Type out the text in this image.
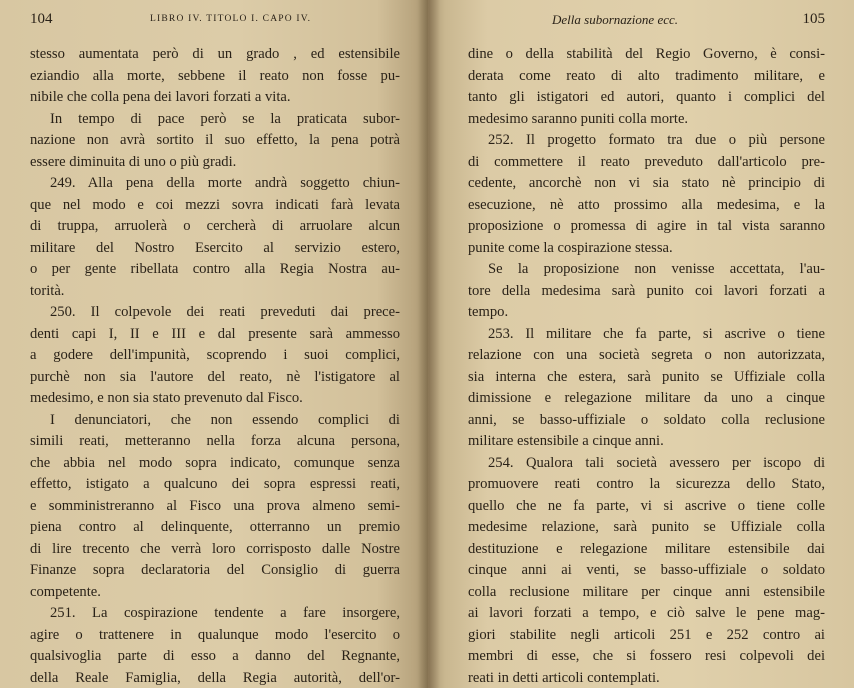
104	LIBRO IV. TITOLO I. CAPO IV.
stesso aumentata però di un grado , ed estensibile
eziandio alla morte, sebbene il reato non fosse pu-
nibile che colla pena dei lavori forzati a vita.
In tempo di pace però se la praticata subor-
nazione non avrà sortito il suo effetto, la pena potrà
essere diminuita di uno o più gradi.
249. Alla pena della morte andrà soggetto chiun-
que nel modo e coi mezzi sovra indicati farà levata
di truppa, arruolerà o cercherà di arruolare alcun
militare del Nostro Esercito al servizio estero,
o per gente ribellata contro alla Regia Nostra au-
torità.
250. Il colpevole dei reati preveduti dai prece-
denti capi I, II e III e dal presente sarà ammesso
a godere dell'impunità, scoprendo i suoi complici,
purchè non sia l'autore del reato, nè l'istigatore al
medesimo, e non sia stato prevenuto dal Fisco.
I denunciatori, che non essendo complici di
simili reati, metteranno nella forza alcuna persona,
che abbia nel modo sopra indicato, comunque senza
effetto, istigato a qualcuno dei sopra espressi reati,
e somministreranno al Fisco una prova almeno semi-
piena contro al delinquente, otterranno un premio
di lire trecento che verrà loro corrisposto dalle Nostre
Finanze sopra declaratoria del Consiglio di guerra
competente.
251. La cospirazione tendente a fare insorgere,
agire o trattenere in qualunque modo l'esercito o
qualsivoglia parte di esso a danno del Regnante,
della Reale Famiglia, della Regia autorità, dell'or-
Della subornazione ecc.	105
dine o della stabilità del Regio Governo, è consi-
derata come reato di alto tradimento militare, e
tanto gli istigatori ed autori, quanto i complici del
medesimo saranno puniti colla morte.
252. Il progetto formato tra due o più persone
di commettere il reato preveduto dall'articolo pre-
cedente, ancorchè non vi sia stato nè principio di
esecuzione, nè atto prossimo alla medesima, e la
proposizione o promessa di agire in tal vista saranno
punite come la cospirazione stessa.
Se la proposizione non venisse accettata, l'au-
tore della medesima sarà punito coi lavori forzati a
tempo.
253. Il militare che fa parte, si ascrive o tiene
relazione con una società segreta o non autorizzata,
sia interna che estera, sarà punito se Uffiziale colla
dimissione e relegazione militare da uno a cinque
anni, se basso-uffiziale o soldato colla reclusione
militare estensibile a cinque anni.
254. Qualora tali società avessero per iscopo di
promuovere reati contro la sicurezza dello Stato,
quello che ne fa parte, vi si ascrive o tiene colle
medesime relazione, sarà punito se Uffiziale colla
destituzione e relegazione militare estensibile dai
cinque anni ai venti, se basso-uffiziale o soldato
colla reclusione militare per cinque anni estensibile
ai lavori forzati a tempo, e ciò salve le pene mag-
giori stabilite negli articoli 251 e 252 contro ai
membri di esse, che si fossero resi colpevoli dei
reati in detti articoli contemplati.
